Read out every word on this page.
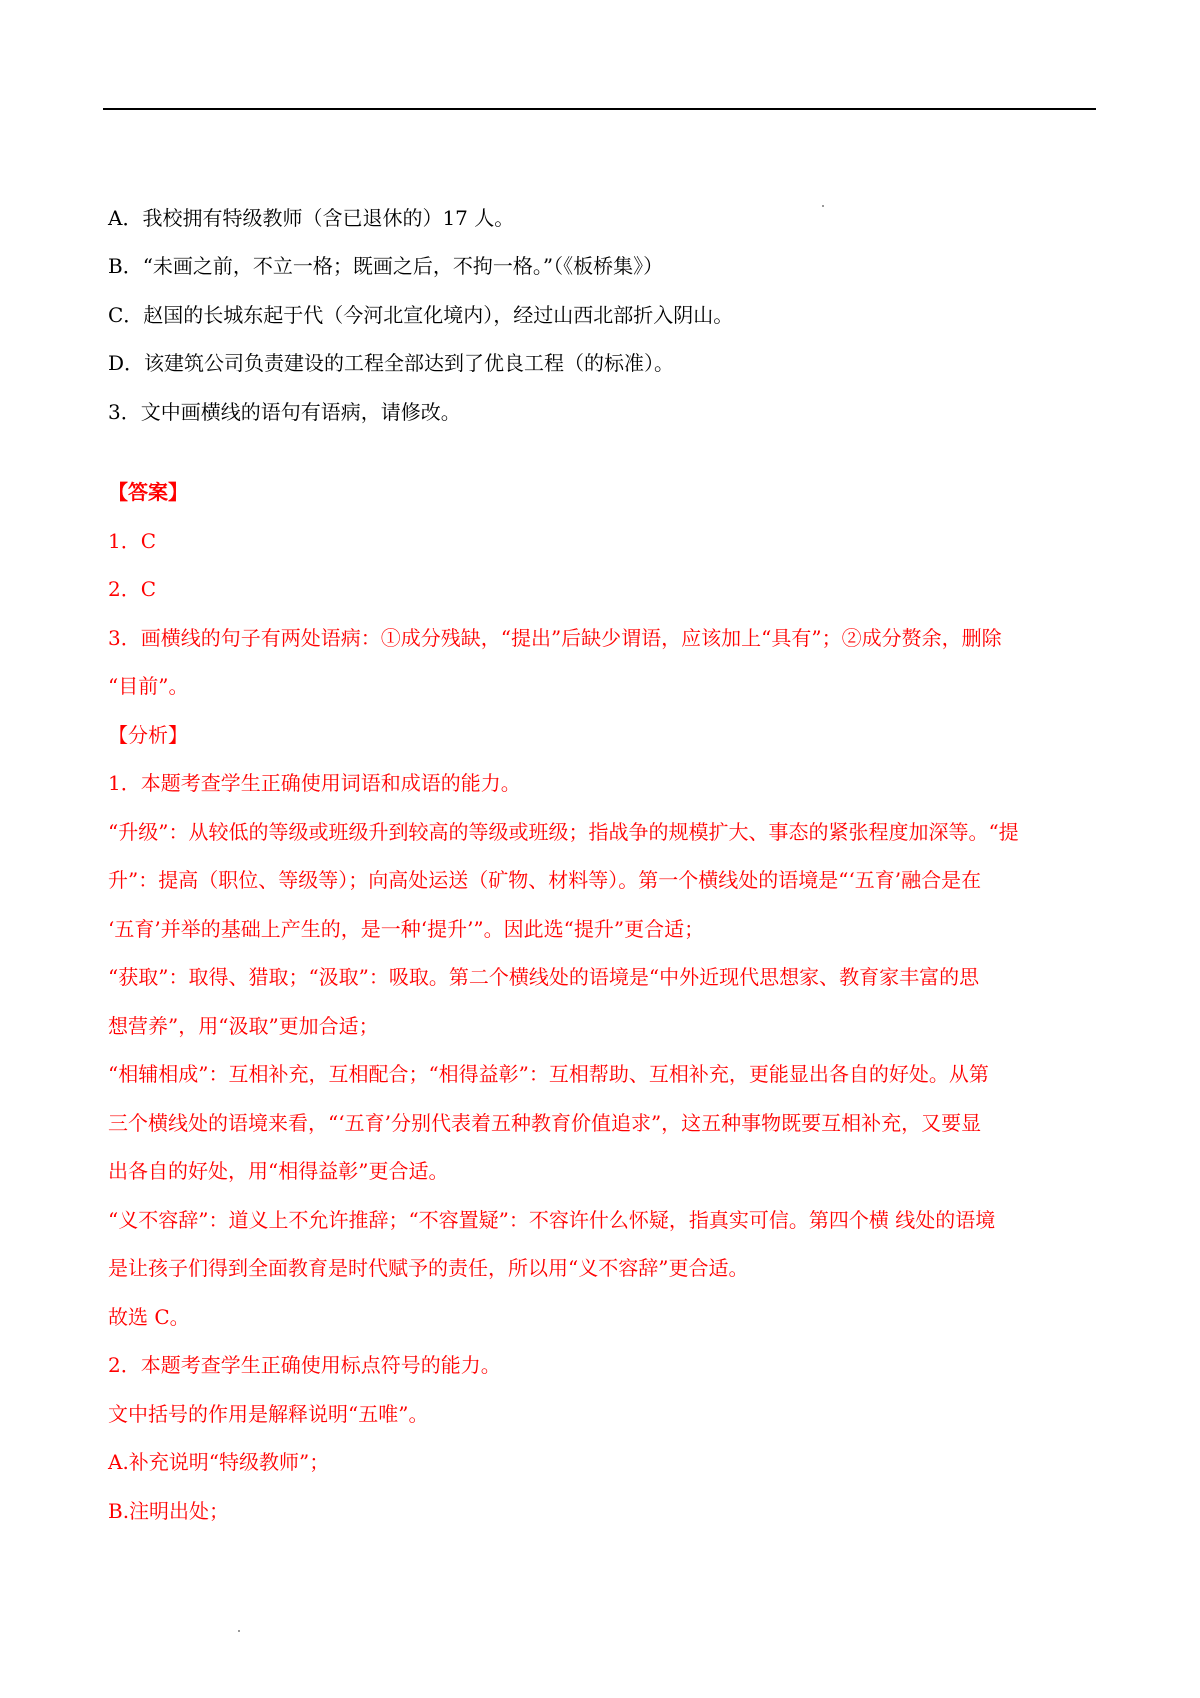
A．我校拥有特级教师（含已退休的）17 人。
B．“未画之前，不立一格；既画之后，不拘一格。”（《板桥集》）
C．赵国的长城东起于代（今河北宣化境内），经过山西北部折入阴山。
D．该建筑公司负责建设的工程全部达到了优良工程（的标准）。
3．文中画横线的语句有语病，请修改。
【答案】
1．C
2．C
3．画横线的句子有两处语病：①成分残缺，“提出”后缺少谓语，应该加上“具有”；②成分赘余，删除
“目前”。
【分析】
1．本题考查学生正确使用词语和成语的能力。
“升级”：从较低的等级或班级升到较高的等级或班级；指战争的规模扩大、事态的紧张程度加深等。“提
升”：提高（职位、等级等）；向高处运送（矿物、材料等）。第一个横线处的语境是“‘五育’融合是在
‘五育’并举的基础上产生的，是一种‘提升’”。因此选“提升”更合适；
“获取”：取得、猎取；“汲取”：吸取。第二个横线处的语境是“中外近现代思想家、教育家丰富的思
想营养”，用“汲取”更加合适；
“相辅相成”：互相补充，互相配合；“相得益彰”：互相帮助、互相补充，更能显出各自的好处。从第
三个横线处的语境来看，“‘五育’分别代表着五种教育价值追求”，这五种事物既要互相补充，又要显
出各自的好处，用“相得益彰”更合适。
“义不容辞”：道义上不允许推辞；“不容置疑”：不容许什么怀疑，指真实可信。第四个横 线处的语境
是让孩子们得到全面教育是时代赋予的责任，所以用“义不容辞”更合适。
故选 C。
2．本题考查学生正确使用标点符号的能力。
文中括号的作用是解释说明“五唯”。
A.补充说明“特级教师”；
B.注明出处；
